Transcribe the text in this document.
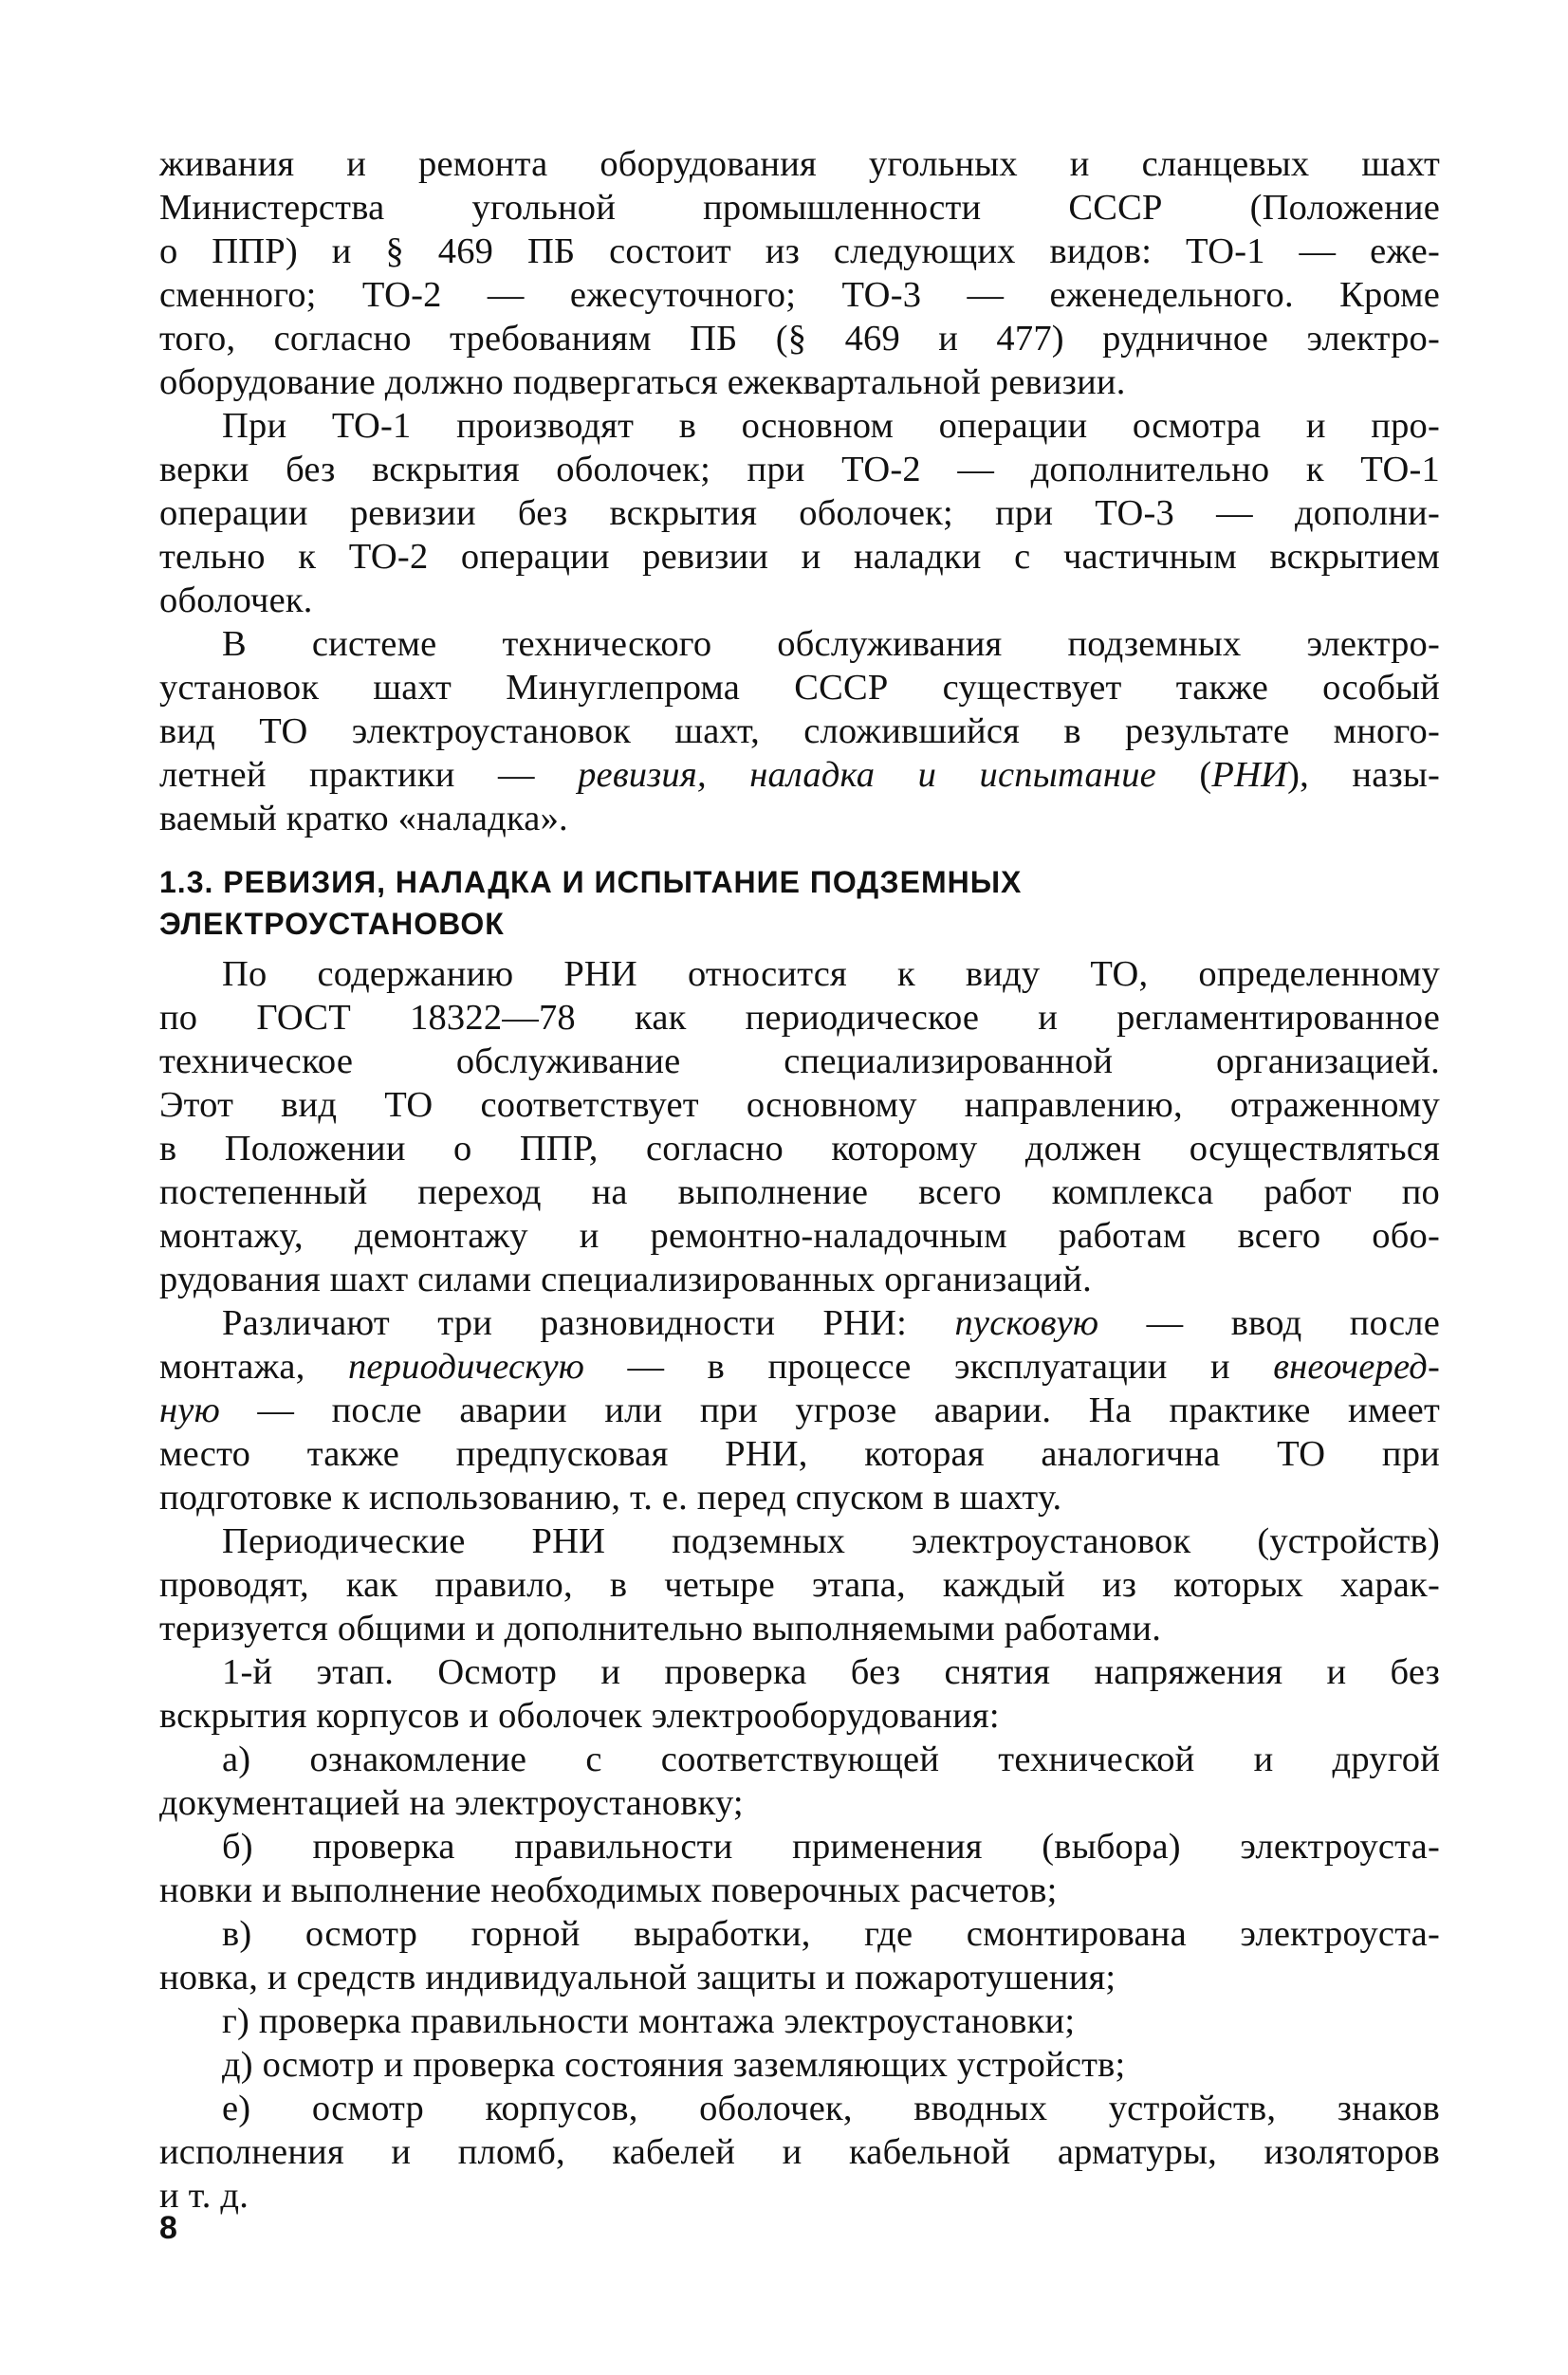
живания и ремонта оборудования угольных и сланцевых шахт
Министерства угольной промышленности СССР (Положение
о ППР) и § 469 ПБ состоит из следующих видов: ТО-1 — еже-
сменного; ТО-2 — ежесуточного; ТО-3 — еженедельного. Кроме
того, согласно требованиям ПБ (§ 469 и 477) рудничное электро-
оборудование должно подвергаться ежеквартальной ревизии.
При ТО-1 производят в основном операции осмотра и про-
верки без вскрытия оболочек; при ТО-2 — дополнительно к ТО-1
операции ревизии без вскрытия оболочек; при ТО-3 — дополни-
тельно к ТО-2 операции ревизии и наладки с частичным вскрытием
оболочек.
В системе технического обслуживания подземных электро-
установок шахт Минуглепрома СССР существует также особый
вид ТО электроустановок шахт, сложившийся в результате много-
летней практики — ревизия, наладка и испытание (РНИ), назы-
ваемый кратко «наладка».
1.3. РЕВИЗИЯ, НАЛАДКА И ИСПЫТАНИЕ ПОДЗЕМНЫХ
ЭЛЕКТРОУСТАНОВОК
По содержанию РНИ относится к виду ТО, определенному
по ГОСТ 18322—78 как периодическое и регламентированное
техническое обслуживание специализированной организацией.
Этот вид ТО соответствует основному направлению, отраженному
в Положении о ППР, согласно которому должен осуществляться
постепенный переход на выполнение всего комплекса работ по
монтажу, демонтажу и ремонтно-наладочным работам всего обо-
рудования шахт силами специализированных организаций.
Различают три разновидности РНИ: пусковую — ввод после
монтажа, периодическую — в процессе эксплуатации и внеочеред-
ную — после аварии или при угрозе аварии. На практике имеет
место также предпусковая РНИ, которая аналогична ТО при
подготовке к использованию, т. е. перед спуском в шахту.
Периодические РНИ подземных электроустановок (устройств)
проводят, как правило, в четыре этапа, каждый из которых харак-
теризуется общими и дополнительно выполняемыми работами.
1-й этап. Осмотр и проверка без снятия напряжения и без
вскрытия корпусов и оболочек электрооборудования:
а) ознакомление с соответствующей технической и другой
документацией на электроустановку;
б) проверка правильности применения (выбора) электроуста-
новки и выполнение необходимых поверочных расчетов;
в) осмотр горной выработки, где смонтирована электроуста-
новка, и средств индивидуальной защиты и пожаротушения;
г) проверка правильности монтажа электроустановки;
д) осмотр и проверка состояния заземляющих устройств;
е) осмотр корпусов, оболочек, вводных устройств, знаков
исполнения и пломб, кабелей и кабельной арматуры, изоляторов
и т. д.
8
